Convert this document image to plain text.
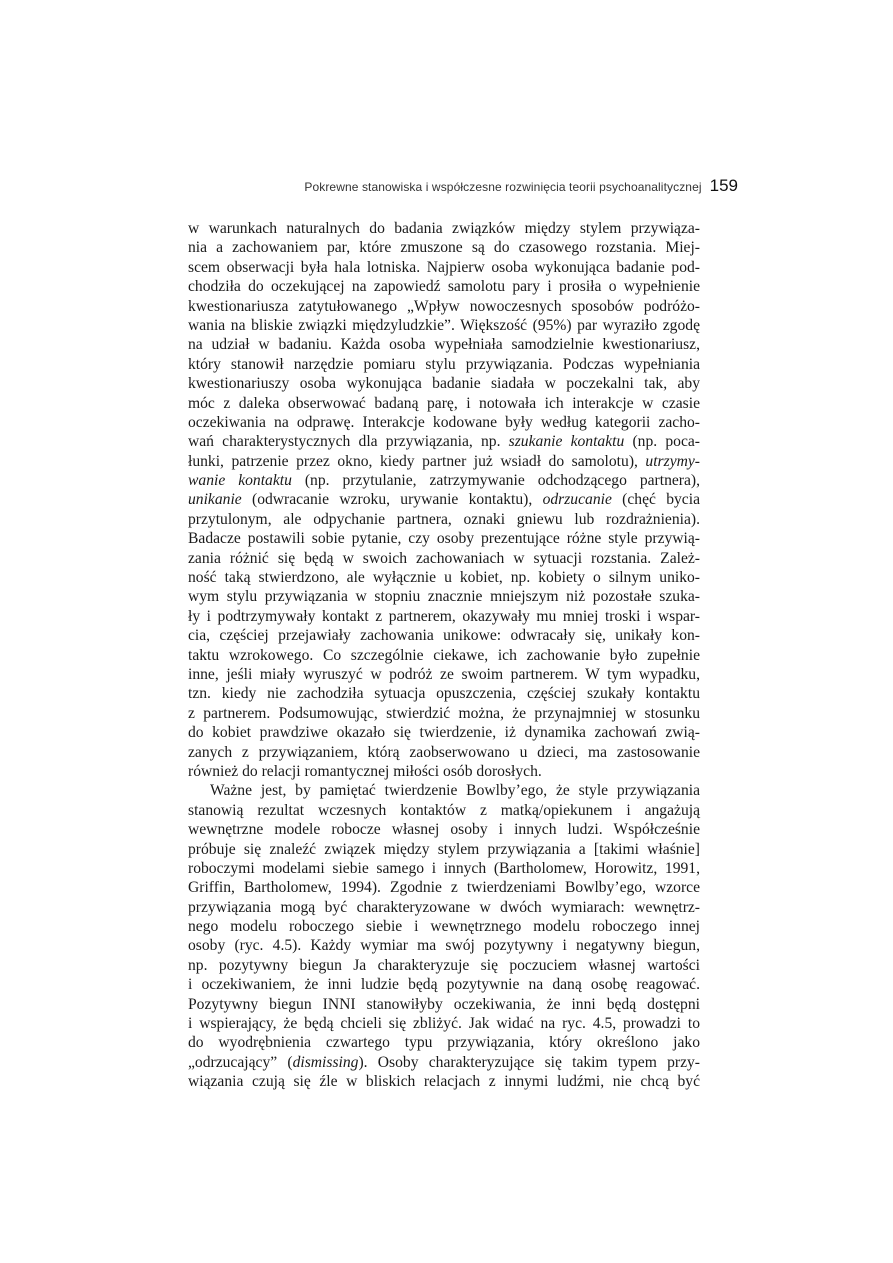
Pokrewne stanowiska i współczesne rozwinięcia teorii psychoanalitycznej 159
w warunkach naturalnych do badania związków między stylem przywiąza-
nia a zachowaniem par, które zmuszone są do czasowego rozstania. Miej-
scem obserwacji była hala lotniska. Najpierw osoba wykonująca badanie pod-
chodziła do oczekującej na zapowiedź samolotu pary i prosiła o wypełnienie
kwestionariusza zatytułowanego „Wpływ nowoczesnych sposobów podróżo-
wania na bliskie związki międzyludzkie”. Większość (95%) par wyraziło zgodę
na udział w badaniu. Każda osoba wypełniała samodzielnie kwestionariusz,
który stanowił narzędzie pomiaru stylu przywiązania. Podczas wypełniania
kwestionariuszy osoba wykonująca badanie siadała w poczekalni tak, aby
móc z daleka obserwować badaną parę, i notowała ich interakcje w czasie
oczekiwania na odprawę. Interakcje kodowane były według kategorii zacho-
wań charakterystycznych dla przywiązania, np. szukanie kontaktu (np. poca-
łunki, patrzenie przez okno, kiedy partner już wsiadł do samolotu), utrzymy-
wanie kontaktu (np. przytulanie, zatrzymywanie odchodzącego partnera),
unikanie (odwracanie wzroku, urywanie kontaktu), odrzucanie (chęć bycia
przytulonym, ale odpychanie partnera, oznaki gniewu lub rozdrażnienia).
Badacze postawili sobie pytanie, czy osoby prezentujące różne style przywią-
zania różnić się będą w swoich zachowaniach w sytuacji rozstania. Zależ-
ność taką stwierdzono, ale wyłącznie u kobiet, np. kobiety o silnym uniko-
wym stylu przywiązania w stopniu znacznie mniejszym niż pozostałe szuka-
ły i podtrzymywały kontakt z partnerem, okazywały mu mniej troski i wspar-
cia, częściej przejawiały zachowania unikowe: odwracały się, unikały kon-
taktu wzrokowego. Co szczególnie ciekawe, ich zachowanie było zupełnie
inne, jeśli miały wyruszyć w podróż ze swoim partnerem. W tym wypadku,
tzn. kiedy nie zachodziła sytuacja opuszczenia, częściej szukały kontaktu
z partnerem. Podsumowując, stwierdzić można, że przynajmniej w stosunku
do kobiet prawdziwe okazało się twierdzenie, iż dynamika zachowań zwią-
zanych z przywiązaniem, którą zaobserwowano u dzieci, ma zastosowanie
również do relacji romantycznej miłości osób dorosłych.
Ważne jest, by pamiętać twierdzenie Bowlby’ego, że style przywiązania
stanowią rezultat wczesnych kontaktów z matką/opiekunem i angażują
wewnętrzne modele robocze własnej osoby i innych ludzi. Współcześnie
próbuje się znaleźć związek między stylem przywiązania a [takimi właśnie]
roboczymi modelami siebie samego i innych (Bartholomew, Horowitz, 1991,
Griffin, Bartholomew, 1994). Zgodnie z twierdzeniami Bowlby’ego, wzorce
przywiązania mogą być charakteryzowane w dwóch wymiarach: wewnętrz-
nego modelu roboczego siebie i wewnętrznego modelu roboczego innej
osoby (ryc. 4.5). Każdy wymiar ma swój pozytywny i negatywny biegun,
np. pozytywny biegun Ja charakteryzuje się poczuciem własnej wartości
i oczekiwaniem, że inni ludzie będą pozytywnie na daną osobę reagować.
Pozytywny biegun INNI stanowiłyby oczekiwania, że inni będą dostępni
i wspierający, że będą chcieli się zbliżyć. Jak widać na ryc. 4.5, prowadzi to
do wyodrębnienia czwartego typu przywiązania, który określono jako
„odrzucający” (dismissing). Osoby charakteryzujące się takim typem przy-
wiązania czują się źle w bliskich relacjach z innymi ludźmi, nie chcą być
